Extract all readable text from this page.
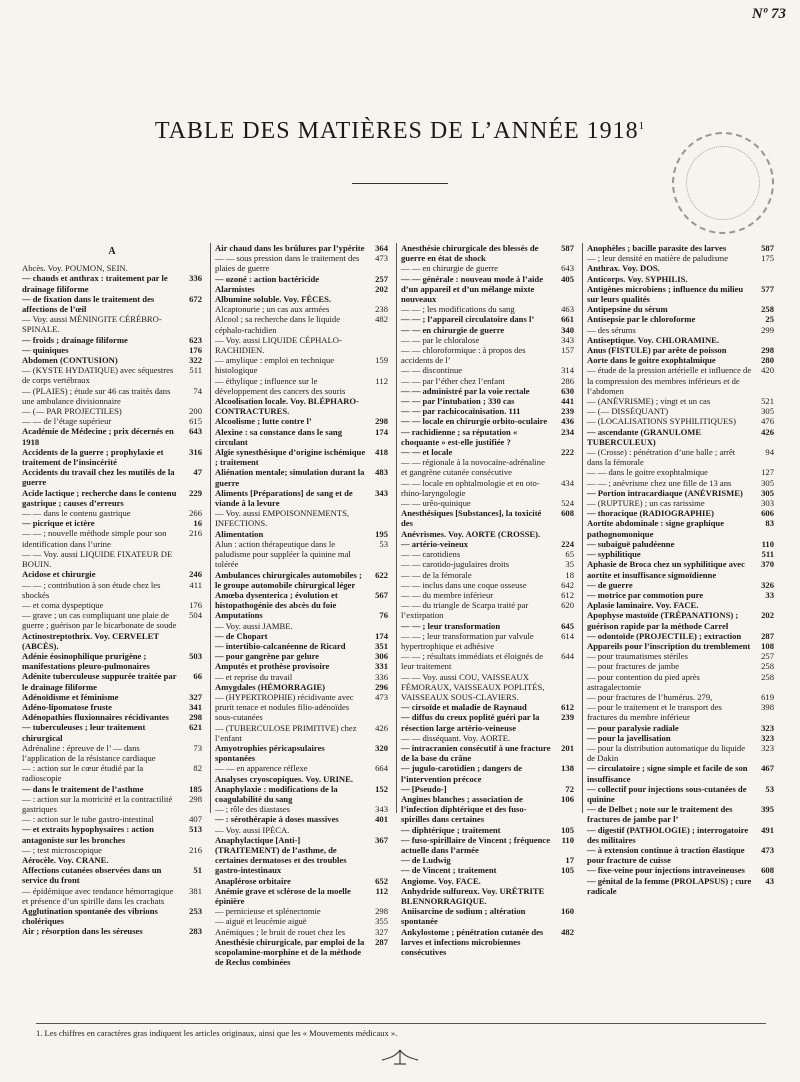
Nº 73
TABLE DES MATIÈRES DE L’ANNÉE 1918$^1$
A
Abcès. Voy. POUMON, SEIN.
— chauds et anthrax : traitement par le drainage filiforme
336
— de fixation dans le traitement des affections de l’œil
672
— Voy. aussi MÉNINGITE CÉRÉBRO-SPINALE.
— froids ; drainage filiforme	623
— quiniques	176
Abdomen (CONTUSION)	322
— (KYSTE HYDATIQUE) avec séquestres de corps vertébraux
511
— (PLAIES) ; étude sur 46 cas traités dans une ambulance divisionnaire
74
— (— PAR PROJECTILES)	200
— — de l’étage supérieur	615
Académie de Médecine ; prix décernés en 1918
643
Accidents de la guerre ; prophylaxie et traitement de l’insincérité
316
Accidents du travail chez les mutilés de la guerre
47
Acide lactique ; recherche dans le contenu gastrique ; causes d’erreurs
229
— — dans le contenu gastrique	266
— picrique et ictère	16
— — ; nouvelle méthode simple pour son identification dans l’urine
216
— — Voy. aussi LIQUIDE FIXATEUR DE BOUIN.
Acidose et chirurgie	246
— — ; contribution à son étude chez les shockés
411
— et coma dyspeptique	176
— grave ; un cas compliquant une plaie de guerre ; guérison par le bicarbonate de soude
504
Actinostreptothrix. Voy. CERVELET (ABCÈS).
Adénie éosinophilique prurigène ; manifestations pleuro-pulmonaires
503
Adénite tuberculeuse suppurée traitée par le drainage filiforme
66
Adénoïdisme et féminisme	327
Adéno-lipomatose fruste	341
Adénopathies fluxionnaires récidivantes	298
— tuberculeuses ; leur traitement chirurgical
621
Adrénaline : épreuve de l’ — dans l’application de la résistance cardiaque
73
— : action sur le cœur étudié par la radioscopie
82
— dans le traitement de l’asthme	185
— : action sur la motricité et la contractilité gastriques
298
— : action sur le tube gastro-intestinal	407
— et extraits hypophysaires : action antagoniste sur les bronches
513
— ; test microscopique	216
Aérocèle. Voy. CRANE.
Affections cutanées observées dans un service du front
51
— épidémique avec tendance hémorragique et présence d’un spirille dans les crachats
381
Agglutination spontanée des vibrions cholériques
253
Air ; résorption dans les séreuses	283
Air chaud dans les brûlures par l’ypérite	364
— — sous pression dans le traitement des plaies de guerre
473
— ozoné : action bactéricide	257
Alarmistes	202
Albumine soluble. Voy. FÈCES.
Alcaptonurie ; un cas aux armées	238
Alcool ; sa recherche dans le liquide céphalo-rachidien
482
— Voy. aussi LIQUIDE CÉPHALO-RACHIDIEN.
— amylique : emploi en technique histologique
159
— éthylique ; influence sur le développement des cancers des souris
112
Alcoolisation locale. Voy. BLÉPHARO-CONTRACTURES.
Alcoolisme ; lutte contre l’	298
Alexine : sa constance dans le sang circulant
174
Algie synesthésique d’origine ischémique ; traitement
418
Aliénation mentale; simulation durant la guerre
483
Aliments [Préparations] de sang et de viande à la levure
343
— Voy. aussi EMPOISONNEMENTS, INFECTIONS.
Alimentation	195
Alun : action thérapeutique dans le paludisme pour suppléer la quinine mal tolérée
53
Ambulances chirurgicales automobiles ; le groupe automobile chirurgical léger
622
Amœba dysenterica ; évolution et histopathogénie des abcès du foie
567
Amputations	76
— Voy. aussi JAMBE.
— de Chopart	174
— intertibio-calcanéenne de Ricard	351
— pour gangrène par gelure	306
Amputés et prothèse provisoire	331
— et reprise du travail	336
Amygdales (HÉMORRAGIE)	296
— (HYPERTROPHIE) récidivante avec prurit tenace et nodules filio-adénoïdes sous-cutanées
473
— (TUBERCULOSE PRIMITIVE) chez l’enfant
426
Amyotrophies péricapsulaires spontanées
320
— — en apparence réflexe	664
Analyses cryoscopiques. Voy. URINE.
Anaphylaxie : modifications de la coagulabilité du sang
152
— ; rôle des diastases	343
— : sérothérapie à doses massives	401
— Voy. aussi IPÉCA.
Anaphylactique [Anti-] (TRAITEMENT) de l’asthme, de certaines dermatoses et des troubles gastro-intestinaux
367
Anaplérose orbitaire	652
Anémie grave et sclérose de la moelle épinière
112
— pernicieuse et splénectomie	298
— aiguë et leucémie aiguë	355
Anémiques ; le bruit de rouet chez les	327
Anesthésie chirurgicale, par emploi de la scopolamine-morphine et de la méthode de Reclus combinées
287
Anesthésie chirurgicale des blessés de guerre en état de shock
587
— — en chirurgie de guerre	643
— — générale : nouveau mode à l’aide d’un appareil et d’un mélange mixte nouveaux
405
— — ; les modifications du sang	463
— — ; l’appareil circulatoire dans l’	661
— — en chirurgie de guerre	340
— — par le chloralose	343
— — chloroformique : à propos des accidents de l’
157
— — discontinue	314
— — par l’éther chez l’enfant	286
— — administré par la voie rectale	630
— — par l’intubation ; 330 cas	441
— — par rachicocaïnisation. 111	239
— — locale en chirurgie orbito-oculaire	436
— rachidienne ; sa réputation « choquante » est-elle justifiée ?
234
— — et locale	222
— — régionale à la novocaïne-adrénaline et gangrène cutanée consécutive
— — locale en ophtalmologie et en oto-rhino-laryngologie
434
— — urêo-quinique	524
Anesthésiques [Substances], la toxicité des
608
Anévrismes. Voy. AORTE (CROSSE).
— artério-veineux	224
— — carotidiens	65
— — carotido-jugulaires droits	35
— — de la fémorale	18
— — inclus dans une coque osseuse	642
— — du membre inférieur	612
— — du triangle de Scarpa traité par l’extirpation
620
— — ; leur transformation	645
— — ; leur transformation par valvule hypertrophique et adhésive
614
— — ; résultats immédiats et éloignés de leur traitement
644
— — Voy. aussi COU, VAISSEAUX FÉMORAUX, VAISSEAUX POPLITÉS, VAISSEAUX SOUS-CLAVIERS.
— cirsoïde et maladie de Raynaud	612
— diffus du creux poplité guéri par la résection large artério-veineuse
239
— — disséquant. Voy. AORTE.
— intracranien consécutif à une fracture de la base du crâne
201
— jugulo-carotidien ; dangers de l’intervention précoce
138
— [Pseudo-]	72
Angines blanches ; association de l’infection diphtérique et des fuso-spirilles dans certaines
106
— diphtérique ; traitement	105
— fuso-spirillaire de Vincent ; fréquence actuelle dans l’armée
110
— de Ludwig	17
— de Vincent ; traitement	105
Angiome. Voy. FACE.
Anhydride sulfureux. Voy. URÉTRITE BLENNORRAGIQUE.
Aniisarcine de sodium ; altération spontanée
160
Ankylostome ; pénétration cutanée des larves et infections microbiennes consécutives
482
Anophèles ; bacille parasite des larves	587
— ; leur densité en matière de paludisme	175
Anthrax. Voy. DOS.
Anticorps. Voy. SYPHILIS.
Antigènes microbiens ; influence du milieu sur leurs qualités
577
Antipepsine du sérum	258
Antisepsie par le chloroforme	25
— des sérums	299
Antiseptique. Voy. CHLORAMINE.
Anus (FISTULE) par arête de poisson	298
Aorte dans le goitre exophtalmique	280
— étude de la pression artérielle et influence de la compression des membres inférieurs et de l’abdomen
420
— (ANÉVRISME) ; vingt et un cas	521
— (— DISSÉQUANT)	305
— (LOCALISATIONS SYPHILITIQUES)	476
— ascendante (GRANULOME TUBERCULEUX)
426
— (Crosse) : pénétration d’une balle ; arrêt dans la fémorale
94
— — dans le goitre exophtalmique	127
— — ; anévrisme chez une fille de 13 ans	305
— Portion intracardiaque (ANÉVRISME)	305
— (RUPTURE) ; un cas rarissime	303
— thoracique (RADIOGRAPHIE)	606
Aortite abdominale : signe graphique pathognomonique
83
— subaiguë paludéenne	110
— syphilitique	511
Aphasie de Broca chez un syphilitique avec aortite et insuffisance sigmoïdienne
370
— de guerre	326
— motrice par commotion pure	33
Aplasie laminaire. Voy. FACE.
Apophyse mastoïde (TRÉPANATIONS) ; guérison rapide par la méthode Carrel
202
— odontoïde (PROJECTILE) ; extraction	287
Appareils pour l’inscription du tremblement	108
— pour traumatismes stériles	257
— pour fractures de jambe	258
— pour contention du pied après astragalectomie
258
— pour fractures de l’humérus. 279,	619
— pour le traitement et le transport des fractures du membre inférieur
398
— pour paralysie radiale	323
— pour la javellisation	323
— pour la distribution automatique du liquide de Dakin
323
— circulatoire ; signe simple et facile de son insuffisance
467
— collectif pour injections sous-cutanées de quinine
53
— de Delbet ; note sur le traitement des fractures de jambe par l’
395
— digestif (PATHOLOGIE) ; interrogatoire des militaires
491
— à extension continue à traction élastique pour fracture de cuisse
473
— fixe-veine pour injections intraveineuses	608
— génital de la femme (PROLAPSUS) ; cure radicale
43
1. Les chiffres en caractères gras indiquent les articles originaux, ainsi que les « Mouvements médicaux ».
